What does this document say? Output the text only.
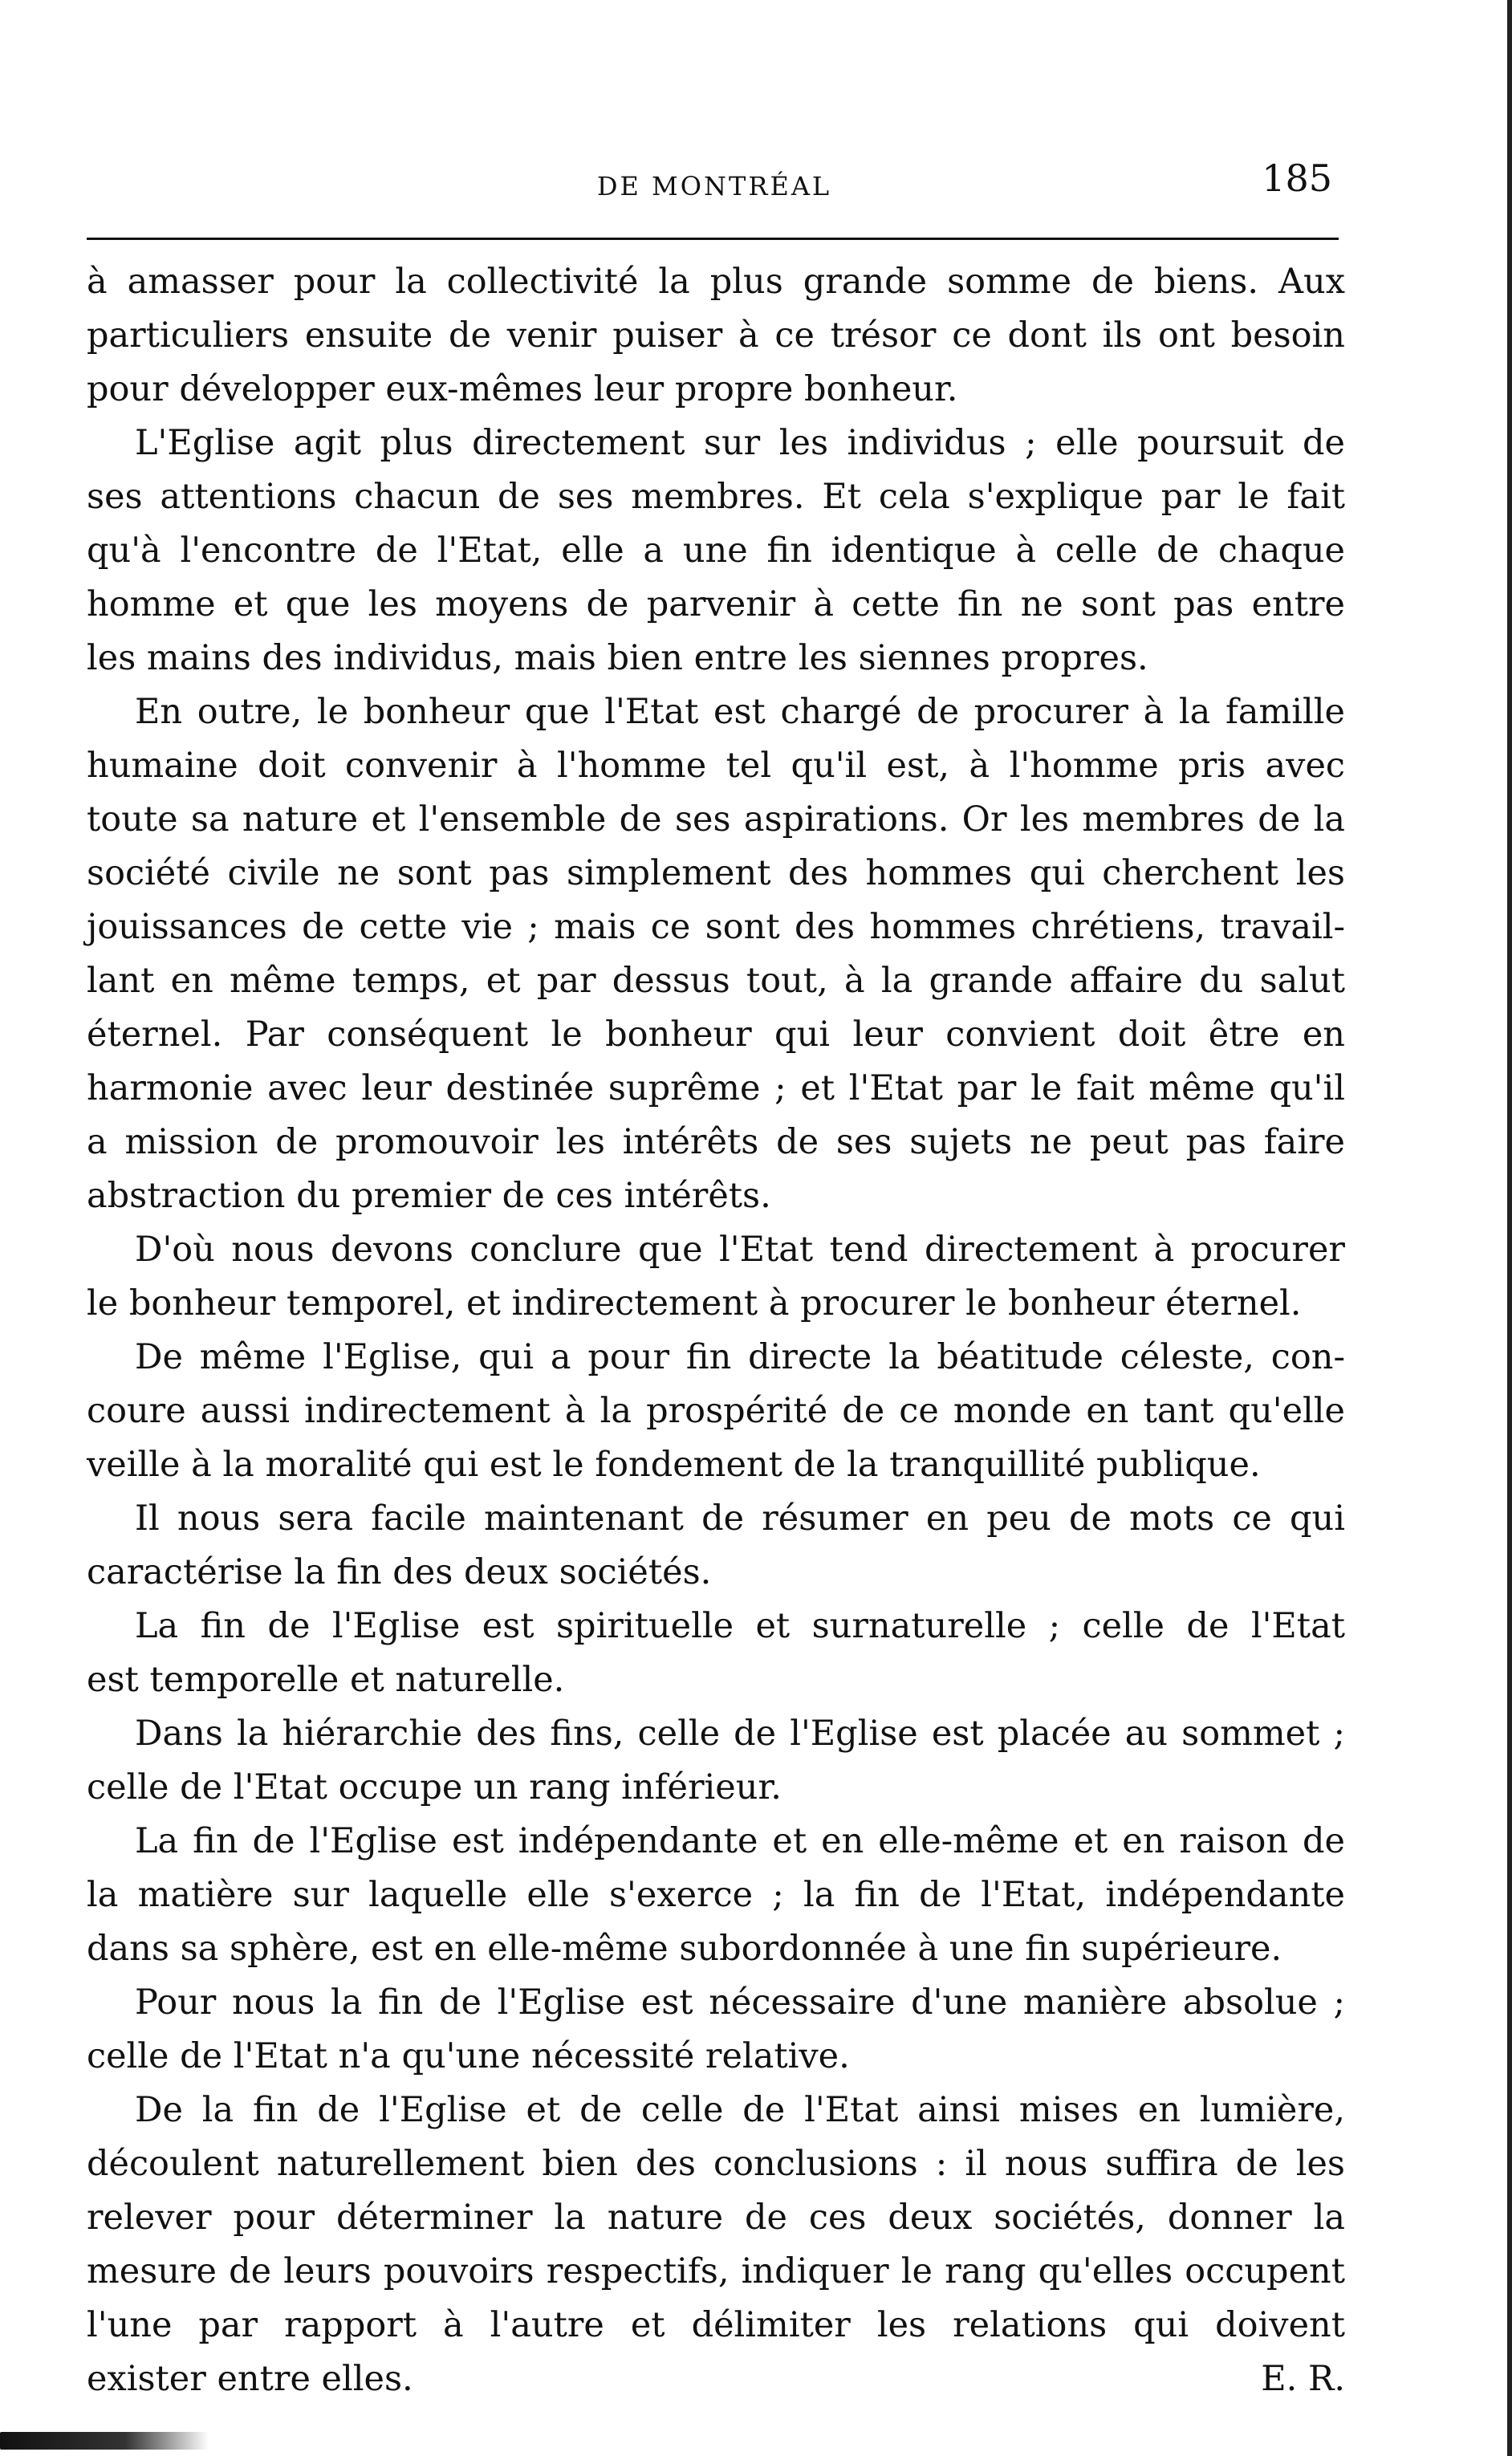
DE MONTRÉAL	185
à amasser pour la collectivité la plus grande somme de biens. Aux
particuliers ensuite de venir puiser à ce trésor ce dont ils ont besoin
pour développer eux-mêmes leur propre bonheur.
L'Eglise agit plus directement sur les individus ; elle poursuit de
ses attentions chacun de ses membres. Et cela s'explique par le fait
qu'à l'encontre de l'Etat, elle a une fin identique à celle de chaque
homme et que les moyens de parvenir à cette fin ne sont pas entre
les mains des individus, mais bien entre les siennes propres.
En outre, le bonheur que l'Etat est chargé de procurer à la famille
humaine doit convenir à l'homme tel qu'il est, à l'homme pris avec
toute sa nature et l'ensemble de ses aspirations. Or les membres de la
société civile ne sont pas simplement des hommes qui cherchent les
jouissances de cette vie ; mais ce sont des hommes chrétiens, travail-
lant en même temps, et par dessus tout, à la grande affaire du salut
éternel. Par conséquent le bonheur qui leur convient doit être en
harmonie avec leur destinée suprême ; et l'Etat par le fait même qu'il
a mission de promouvoir les intérêts de ses sujets ne peut pas faire
abstraction du premier de ces intérêts.
D'où nous devons conclure que l'Etat tend directement à procurer
le bonheur temporel, et indirectement à procurer le bonheur éternel.
De même l'Eglise, qui a pour fin directe la béatitude céleste, con-
coure aussi indirectement à la prospérité de ce monde en tant qu'elle
veille à la moralité qui est le fondement de la tranquillité publique.
Il nous sera facile maintenant de résumer en peu de mots ce qui
caractérise la fin des deux sociétés.
La fin de l'Eglise est spirituelle et surnaturelle ; celle de l'Etat
est temporelle et naturelle.
Dans la hiérarchie des fins, celle de l'Eglise est placée au sommet ;
celle de l'Etat occupe un rang inférieur.
La fin de l'Eglise est indépendante et en elle-même et en raison de
la matière sur laquelle elle s'exerce ; la fin de l'Etat, indépendante
dans sa sphère, est en elle-même subordonnée à une fin supérieure.
Pour nous la fin de l'Eglise est nécessaire d'une manière absolue ;
celle de l'Etat n'a qu'une nécessité relative.
De la fin de l'Eglise et de celle de l'Etat ainsi mises en lumière,
découlent naturellement bien des conclusions : il nous suffira de les
relever pour déterminer la nature de ces deux sociétés, donner la
mesure de leurs pouvoirs respectifs, indiquer le rang qu'elles occupent
l'une par rapport à l'autre et délimiter les relations qui doivent
exister entre elles.	E. R.
